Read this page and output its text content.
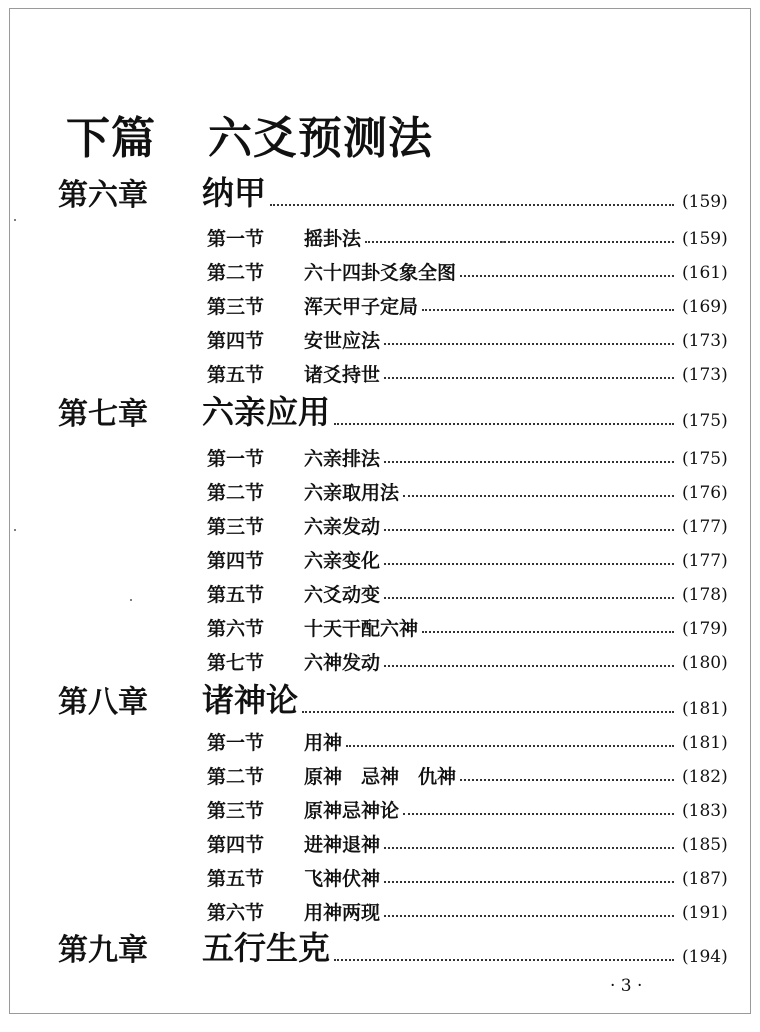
下篇 六爻预测法
第六章	纳甲	(159)
第一节	摇卦法	(159)
第二节	六十四卦爻象全图	(161)
第三节	浑天甲子定局	(169)
第四节	安世应法	(173)
第五节	诸爻持世	(173)
第七章	六亲应用	(175)
第一节	六亲排法	(175)
第二节	六亲取用法	(176)
第三节	六亲发动	(177)
第四节	六亲变化	(177)
第五节	六爻动变	(178)
第六节	十天干配六神	(179)
第七节	六神发动	(180)
第八章	诸神论	(181)
第一节	用神	(181)
第二节	原神　忌神　仇神	(182)
第三节	原神忌神论	(183)
第四节	进神退神	(185)
第五节	飞神伏神	(187)
第六节	用神两现	(191)
第九章	五行生克	(194)
· 3 ·
